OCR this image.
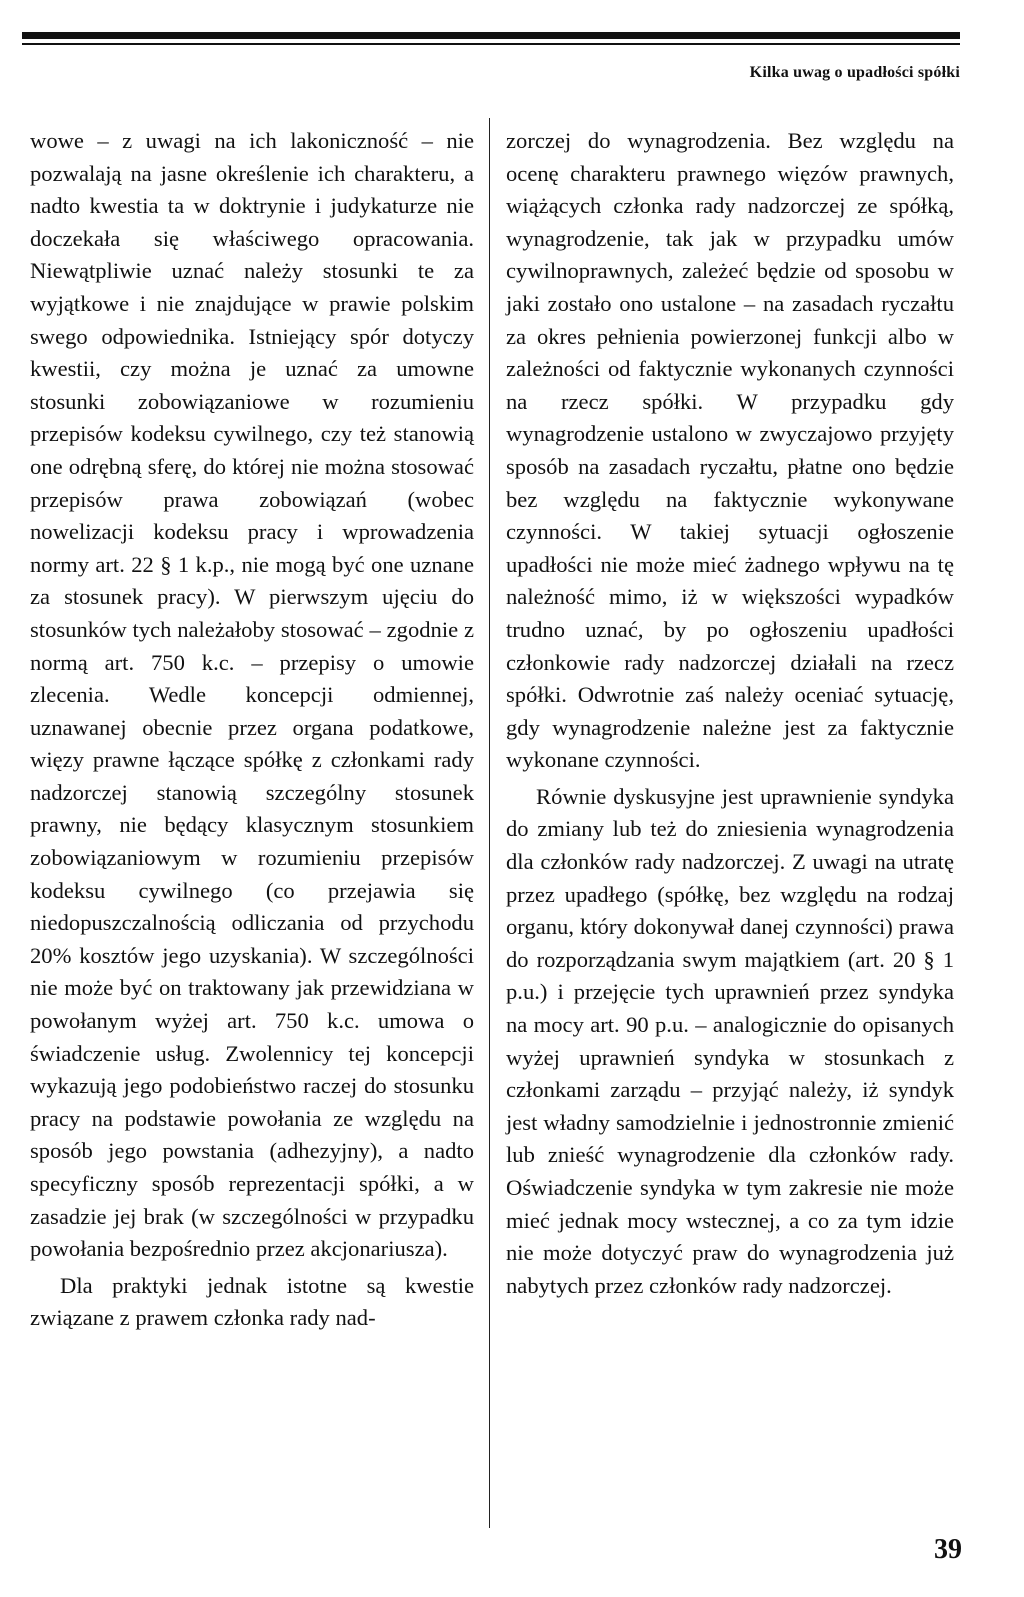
Kilka uwag o upadłości spółki

wowe – z uwagi na ich lakoniczność – nie pozwalają na jasne określenie ich charakteru, a nadto kwestia ta w doktrynie i judykaturze nie doczekała się właściwego opracowania. Niewątpliwie uznać należy stosunki te za wyjątkowe i nie znajdujące w prawie polskim swego odpowiednika. Istniejący spór dotyczy kwestii, czy można je uznać za umowne stosunki zobowiązaniowe w rozumieniu przepisów kodeksu cywilnego, czy też stanowią one odrębną sferę, do której nie można stosować przepisów prawa zobowiązań (wobec nowelizacji kodeksu pracy i wprowadzenia normy art. 22 § 1 k.p., nie mogą być one uznane za stosunek pracy). W pierwszym ujęciu do stosunków tych należałoby stosować – zgodnie z normą art. 750 k.c. – przepisy o umowie zlecenia. Wedle koncepcji odmiennej, uznawanej obecnie przez organa podatkowe, więzy prawne łączące spółkę z członkami rady nadzorczej stanowią szczególny stosunek prawny, nie będący klasycznym stosunkiem zobowiązaniowym w rozumieniu przepisów kodeksu cywilnego (co przejawia się niedopuszczalnością odliczania od przychodu 20% kosztów jego uzyskania). W szczególności nie może być on traktowany jak przewidziana w powołanym wyżej art. 750 k.c. umowa o świadczenie usług. Zwolennicy tej koncepcji wykazują jego podobieństwo raczej do stosunku pracy na podstawie powołania ze względu na sposób jego powstania (adhezyjny), a nadto specyficzny sposób reprezentacji spółki, a w zasadzie jej brak (w szczególności w przypadku powołania bezpośrednio przez akcjonariusza).

Dla praktyki jednak istotne są kwestie związane z prawem członka rady nad-

zorczej do wynagrodzenia. Bez względu na ocenę charakteru prawnego więzów prawnych, wiążących członka rady nadzorczej ze spółką, wynagrodzenie, tak jak w przypadku umów cywilnoprawnych, zależeć będzie od sposobu w jaki zostało ono ustalone – na zasadach ryczałtu za okres pełnienia powierzonej funkcji albo w zależności od faktycznie wykonanych czynności na rzecz spółki. W przypadku gdy wynagrodzenie ustalono w zwyczajowo przyjęty sposób na zasadach ryczałtu, płatne ono będzie bez względu na faktycznie wykonywane czynności. W takiej sytuacji ogłoszenie upadłości nie może mieć żadnego wpływu na tę należność mimo, iż w większości wypadków trudno uznać, by po ogłoszeniu upadłości członkowie rady nadzorczej działali na rzecz spółki. Odwrotnie zaś należy oceniać sytuację, gdy wynagrodzenie należne jest za faktycznie wykonane czynności.

Równie dyskusyjne jest uprawnienie syndyka do zmiany lub też do zniesienia wynagrodzenia dla członków rady nadzorczej. Z uwagi na utratę przez upadłego (spółkę, bez względu na rodzaj organu, który dokonywał danej czynności) prawa do rozporządzania swym majątkiem (art. 20 § 1 p.u.) i przejęcie tych uprawnień przez syndyka na mocy art. 90 p.u. – analogicznie do opisanych wyżej uprawnień syndyka w stosunkach z członkami zarządu – przyjąć należy, iż syndyk jest władny samodzielnie i jednostronnie zmienić lub znieść wynagrodzenie dla członków rady. Oświadczenie syndyka w tym zakresie nie może mieć jednak mocy wstecznej, a co za tym idzie nie może dotyczyć praw do wynagrodzenia już nabytych przez członków rady nadzorczej.

39
